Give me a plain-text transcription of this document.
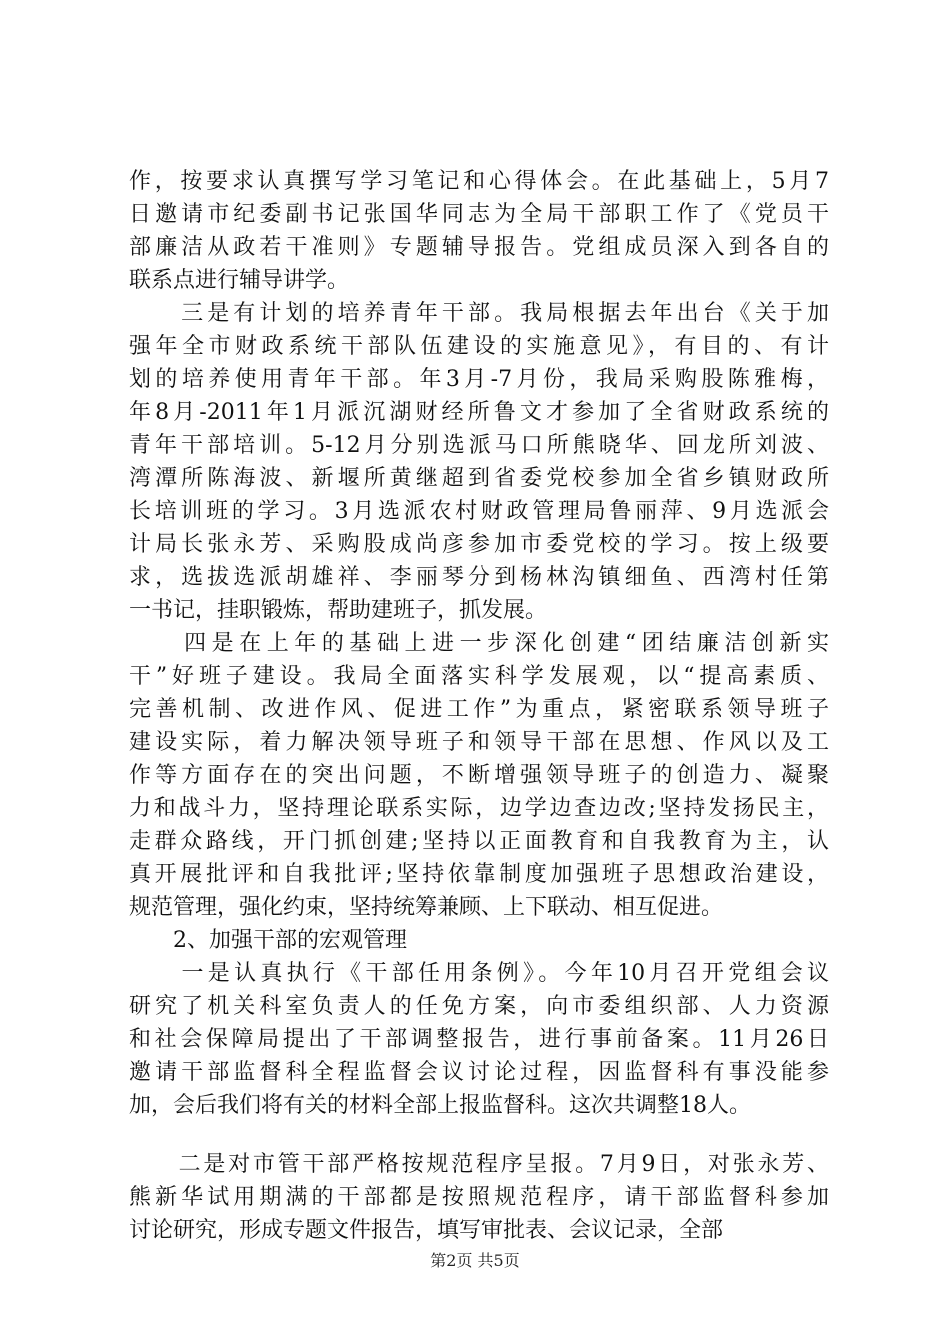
作，按要求认真撰写学习笔记和心得体会。在此基础上，5月7
日邀请市纪委副书记张国华同志为全局干部职工作了《党员干
部廉洁从政若干准则》专题辅导报告。党组成员深入到各自的
联系点进行辅导讲学。
　　三是有计划的培养青年干部。我局根据去年出台《关于加
强年全市财政系统干部队伍建设的实施意见》，有目的、有计
划的培养使用青年干部。年3月-7月份，我局采购股陈雅梅，
年8月-2011年1月派沉湖财经所鲁文才参加了全省财政系统的
青年干部培训。5-12月分别选派马口所熊晓华、回龙所刘波、
湾潭所陈海波、新堰所黄继超到省委党校参加全省乡镇财政所
长培训班的学习。3月选派农村财政管理局鲁丽萍、9月选派会
计局长张永芳、采购股成尚彦参加市委党校的学习。按上级要
求，选拔选派胡雄祥、李丽琴分到杨林沟镇细鱼、西湾村任第
一书记，挂职锻炼，帮助建班子，抓发展。
　　四是在上年的基础上进一步深化创建“团结廉洁创新实
干”好班子建设。我局全面落实科学发展观，以“提高素质、
完善机制、改进作风、促进工作”为重点，紧密联系领导班子
建设实际，着力解决领导班子和领导干部在思想、作风以及工
作等方面存在的突出问题，不断增强领导班子的创造力、凝聚
力和战斗力，坚持理论联系实际，边学边查边改;坚持发扬民主，
走群众路线，开门抓创建;坚持以正面教育和自我教育为主，认
真开展批评和自我批评;坚持依靠制度加强班子思想政治建设，
规范管理，强化约束，坚持统筹兼顾、上下联动、相互促进。
　　2、加强干部的宏观管理
　　一是认真执行《干部任用条例》。今年10月召开党组会议
研究了机关科室负责人的任免方案，向市委组织部、人力资源
和社会保障局提出了干部调整报告，进行事前备案。11月26日
邀请干部监督科全程监督会议讨论过程，因监督科有事没能参
加，会后我们将有关的材料全部上报监督科。这次共调整18人。
　　二是对市管干部严格按规范程序呈报。7月9日，对张永芳、
熊新华试用期满的干部都是按照规范程序，请干部监督科参加
讨论研究，形成专题文件报告，填写审批表、会议记录，全部
第2页 共5页
